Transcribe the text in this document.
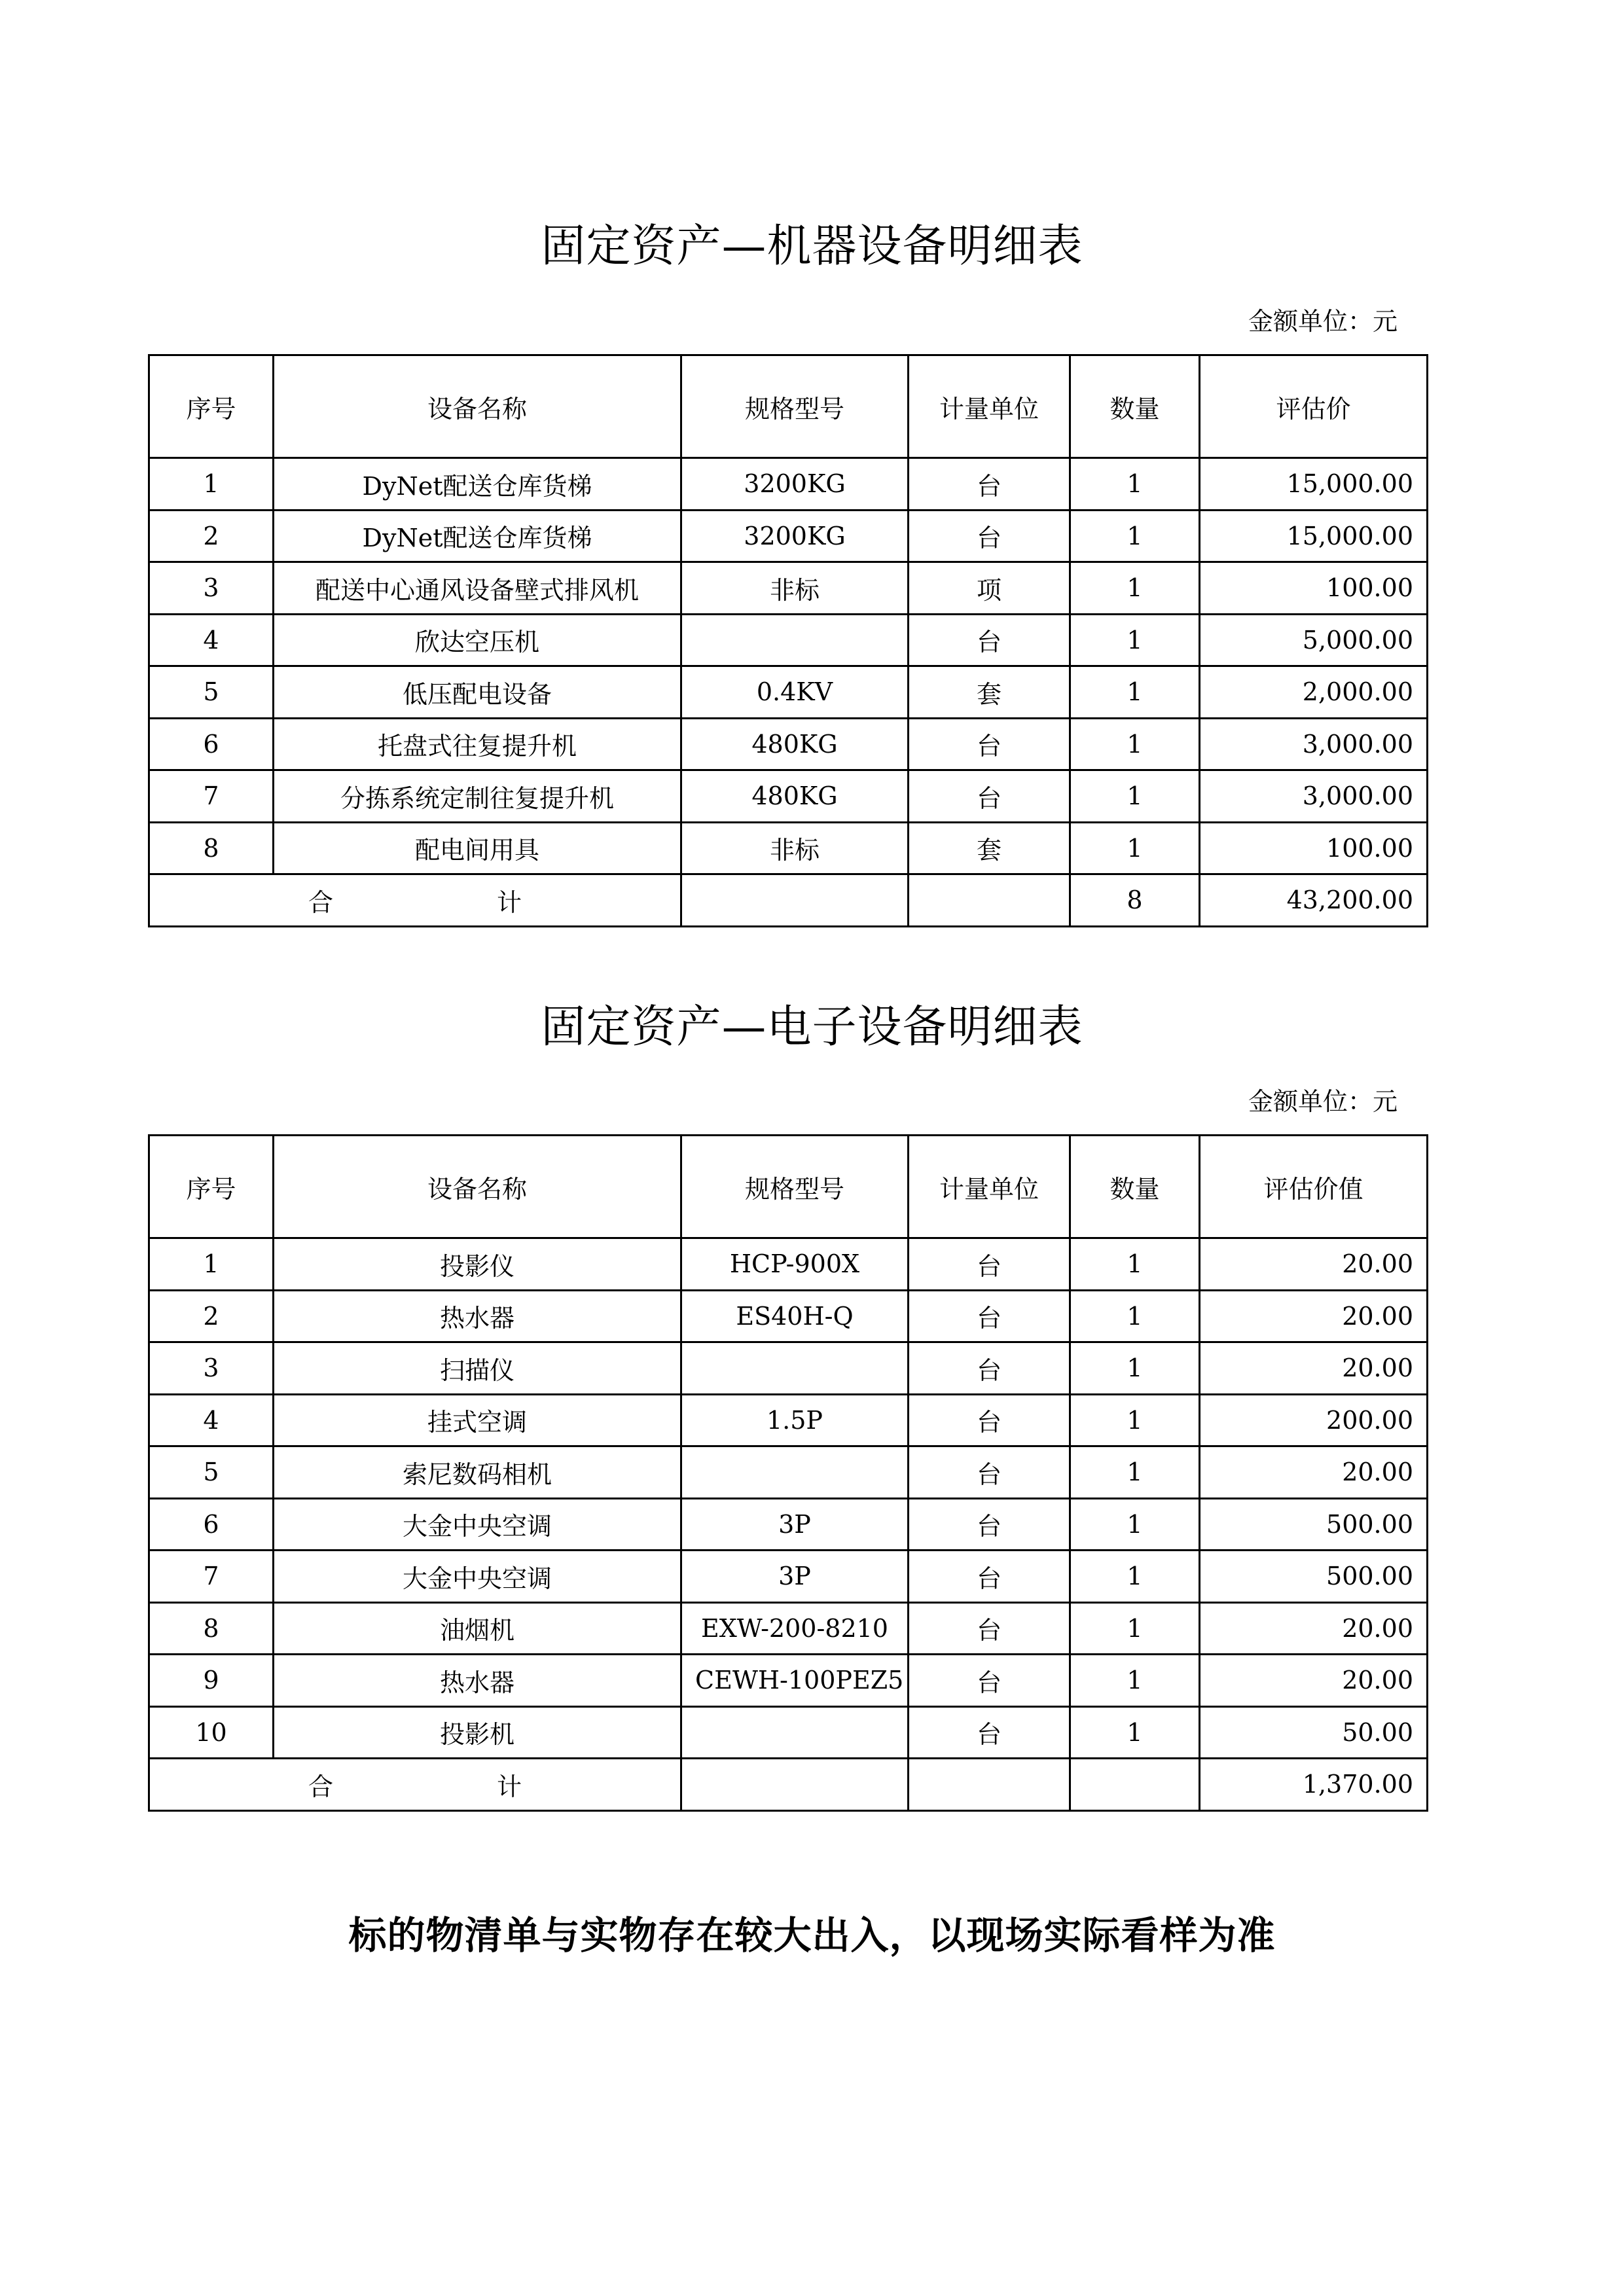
固定资产—机器设备明细表
金额单位：元
序号	设备名称	规格型号	计量单位	数量	评估价
1	DyNet配送仓库货梯	3200KG	台	1	15,000.00
2	DyNet配送仓库货梯	3200KG	台	1	15,000.00
3	配送中心通风设备壁式排风机	非标	项	1	100.00
4	欣达空压机		台	1	5,000.00
5	低压配电设备	0.4KV	套	1	2,000.00
6	托盘式往复提升机	480KG	台	1	3,000.00
7	分拣系统定制往复提升机	480KG	台	1	3,000.00
8	配电间用具	非标	套	1	100.00
合 计				8	43,200.00
固定资产—电子设备明细表
金额单位：元
序号	设备名称	规格型号	计量单位	数量	评估价值
1	投影仪	HCP-900X	台	1	20.00
2	热水器	ES40H-Q	台	1	20.00
3	扫描仪		台	1	20.00
4	挂式空调	1.5P	台	1	200.00
5	索尼数码相机		台	1	20.00
6	大金中央空调	3P	台	1	500.00
7	大金中央空调	3P	台	1	500.00
8	油烟机	EXW-200-8210	台	1	20.00
9	热水器	CEWH-100PEZ5	台	1	20.00
10	投影机		台	1	50.00
合 计					1,370.00
标的物清单与实物存在较大出入，以现场实际看样为准
